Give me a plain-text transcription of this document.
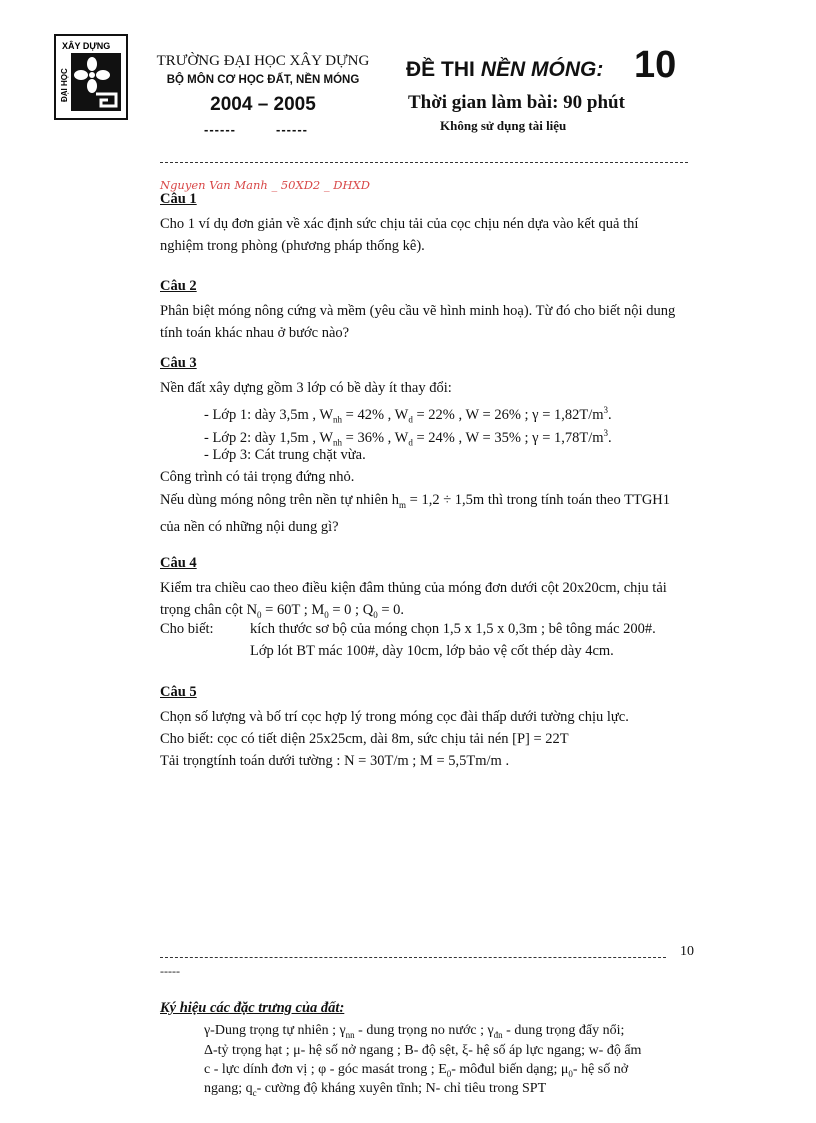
XÂY DỰNG
ĐẠI HỌC
TRƯỜNG ĐẠI HỌC XÂY DỰNG
BỘ MÔN CƠ HỌC ĐẤT, NỀN MÓNG
2004 – 2005
------	------
ĐỀ THI NỀN MÓNG: 10
Thời gian làm bài: 90 phút
Không sử dụng tài liệu
Nguyen Van Manh _ 50XD2 _ DHXD
Câu 1
Cho 1 ví dụ đơn giản về xác định sức chịu tải của cọc chịu nén dựa vào kết quả thí
nghiệm trong phòng (phương pháp thống kê).
Câu 2
Phân biệt móng nông cứng và mềm (yêu cầu vẽ hình minh hoạ). Từ đó cho biết nội dung
tính toán khác nhau ở bước nào?
Câu 3
Nền đất xây dựng gồm 3 lớp có bề dày ít thay đổi:
- Lớp 1: dày 3,5m , $W_{nh} = 42\%$ , $W_d = 22\%$ , W = 26% ; $\gamma = 1,82T/m^3$.
- Lớp 2: dày 1,5m , $W_{nh} = 36\%$ , $W_d = 24\%$ , W = 35% ; $\gamma = 1,78T/m^3$.
- Lớp 3: Cát trung chặt vừa.
Công trình có tải trọng đứng nhỏ.
Nếu dùng móng nông trên nền tự nhiên $h_m = 1,2 \div 1,5m$ thì trong tính toán theo TTGH1
của nền có những nội dung gì?
Câu 4
Kiểm tra chiều cao theo điều kiện đâm thủng của móng đơn dưới cột 20x20cm, chịu tải
trọng chân cột $N_0 = 60T$ ; $M_0 = 0$ ; $Q_0 = 0$.
Cho biết:	kích thước sơ bộ của móng chọn 1,5 x 1,5 x 0,3m ; bê tông mác 200#.
Lớp lót BT mác 100#, dày 10cm, lớp bảo vệ cốt thép dày 4cm.
Câu 5
Chọn số lượng và bố trí cọc hợp lý trong móng cọc đài thấp dưới tường chịu lực.
Cho biết: cọc có tiết diện 25x25cm, dài 8m, sức chịu tải nén [P] = 22T
Tải trọngtính toán dưới tường : N = 30T/m ; M = 5,5Tm/m .
10
-----
Ký hiệu các đặc trưng của đất:
γ-Dung trọng tự nhiên ; $\gamma_{nn}$ - dung trọng no nước ; $\gamma_{đn}$ - dung trọng đẩy nổi;
Δ-tỷ trọng hạt ; μ- hệ số nở ngang ; B- độ sệt, ξ- hệ số áp lực ngang; w- độ ẩm
c - lực dính đơn vị ; φ - góc masát trong ; $E_0-$ môđul biến dạng; $\mu_0-$ hệ số nở
ngang; $q_c-$ cường độ kháng xuyên tĩnh; N- chỉ tiêu trong SPT
